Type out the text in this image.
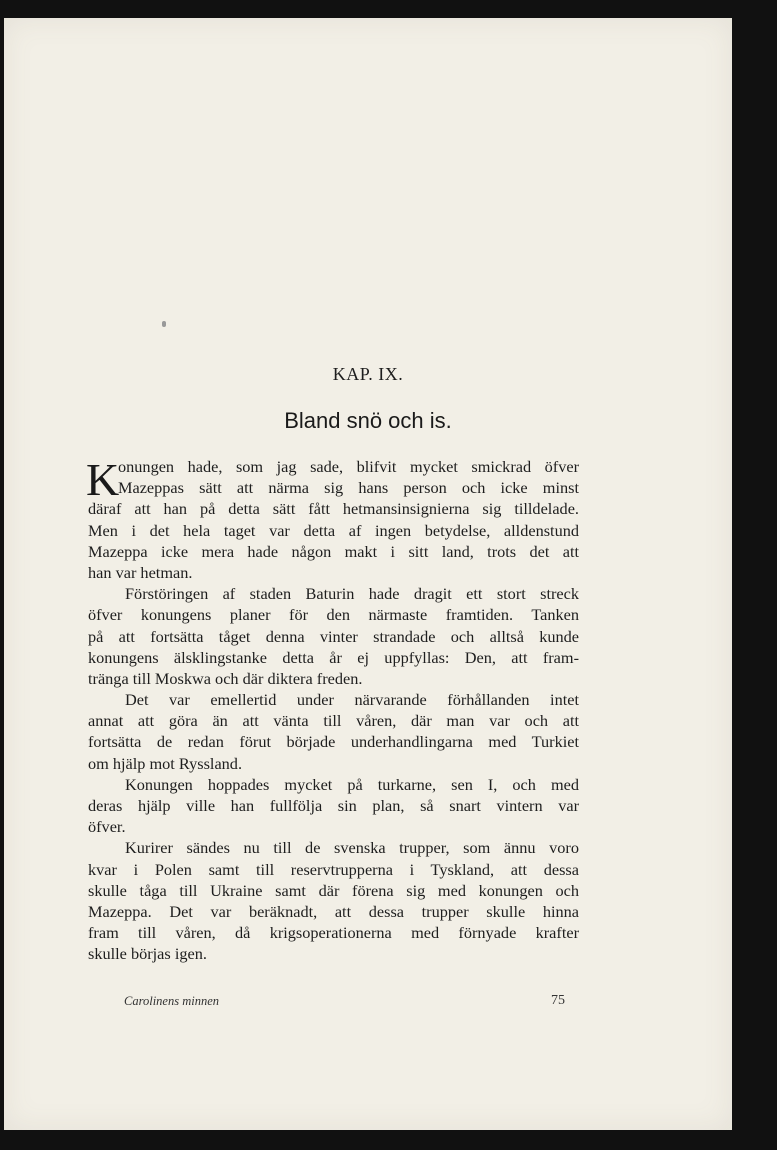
KAP. IX.
Bland snö och is.
K
onungen hade, som jag sade, blifvit mycket smickrad öfver
Mazeppas sätt att närma sig hans person och icke minst
däraf att han på detta sätt fått hetmansinsignierna sig tilldelade.
Men i det hela taget var detta af ingen betydelse, alldenstund
Mazeppa icke mera hade någon makt i sitt land, trots det att
han var hetman.
Förstöringen af staden Baturin hade dragit ett stort streck
öfver konungens planer för den närmaste framtiden. Tanken
på att fortsätta tåget denna vinter strandade och alltså kunde
konungens älsklingstanke detta år ej uppfyllas: Den, att fram-
tränga till Moskwa och där diktera freden.
Det var emellertid under närvarande förhållanden intet
annat att göra än att vänta till våren, där man var och att
fortsätta de redan förut började underhandlingarna med Turkiet
om hjälp mot Ryssland.
Konungen hoppades mycket på turkarne, sen I, och med
deras hjälp ville han fullfölja sin plan, så snart vintern var
öfver.
Kurirer sändes nu till de svenska trupper, som ännu voro
kvar i Polen samt till reservtrupperna i Tyskland, att dessa
skulle tåga till Ukraine samt där förena sig med konungen och
Mazeppa. Det var beräknadt, att dessa trupper skulle hinna
fram till våren, då krigsoperationerna med förnyade krafter
skulle börjas igen.
Carolinens minnen	75
